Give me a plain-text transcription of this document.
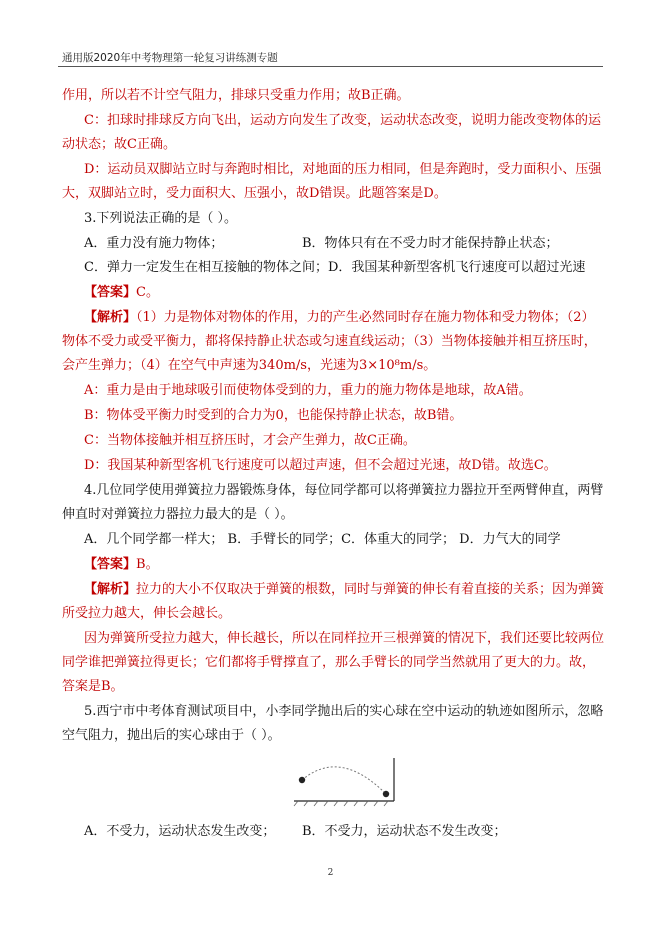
通用版2020年中考物理第一轮复习讲练测专题

作用，所以若不计空气阻力，排球只受重力作用；故B正确。

C：扣球时排球反方向飞出，运动方向发生了改变，运动状态改变，说明力能改变物体的运动状态；故C正确。

D：运动员双脚站立时与奔跑时相比，对地面的压力相同，但是奔跑时，受力面积小、压强大，双脚站立时，受力面积大、压强小，故D错误。此题答案是D。

3.下列说法正确的是（ ）。

A．重力没有施力物体；	B．物体只有在不受力时才能保持静止状态；

C．弹力一定发生在相互接触的物体之间；D．我国某种新型客机飞行速度可以超过光速

【答案】C。

【解析】（1）力是物体对物体的作用，力的产生必然同时存在施力物体和受力物体；（2）物体不受力或受平衡力，都将保持静止状态或匀速直线运动；（3）当物体接触并相互挤压时，会产生弹力；（4）在空气中声速为340m/s，光速为3×10⁸m/s。

A：重力是由于地球吸引而使物体受到的力，重力的施力物体是地球，故A错。

B：物体受平衡力时受到的合力为0，也能保持静止状态，故B错。

C：当物体接触并相互挤压时，才会产生弹力，故C正确。

D：我国某种新型客机飞行速度可以超过声速，但不会超过光速，故D错。故选C。

4.几位同学使用弹簧拉力器锻炼身体，每位同学都可以将弹簧拉力器拉开至两臂伸直，两臂伸直时对弹簧拉力器拉力最大的是（ ）。

A．几个同学都一样大； B．手臂长的同学；C．体重大的同学； D．力气大的同学

【答案】B。

【解析】拉力的大小不仅取决于弹簧的根数，同时与弹簧的伸长有着直接的关系；因为弹簧所受拉力越大，伸长会越长。

因为弹簧所受拉力越大，伸长越长，所以在同样拉开三根弹簧的情况下，我们还要比较两位同学谁把弹簧拉得更长；它们都将手臂撑直了，那么手臂长的同学当然就用了更大的力。故，答案是B。

5.西宁市中考体育测试项目中，小李同学抛出后的实心球在空中运动的轨迹如图所示，忽略空气阻力，抛出后的实心球由于（ ）。

A．不受力，运动状态发生改变；	B．不受力，运动状态不发生改变；
2
